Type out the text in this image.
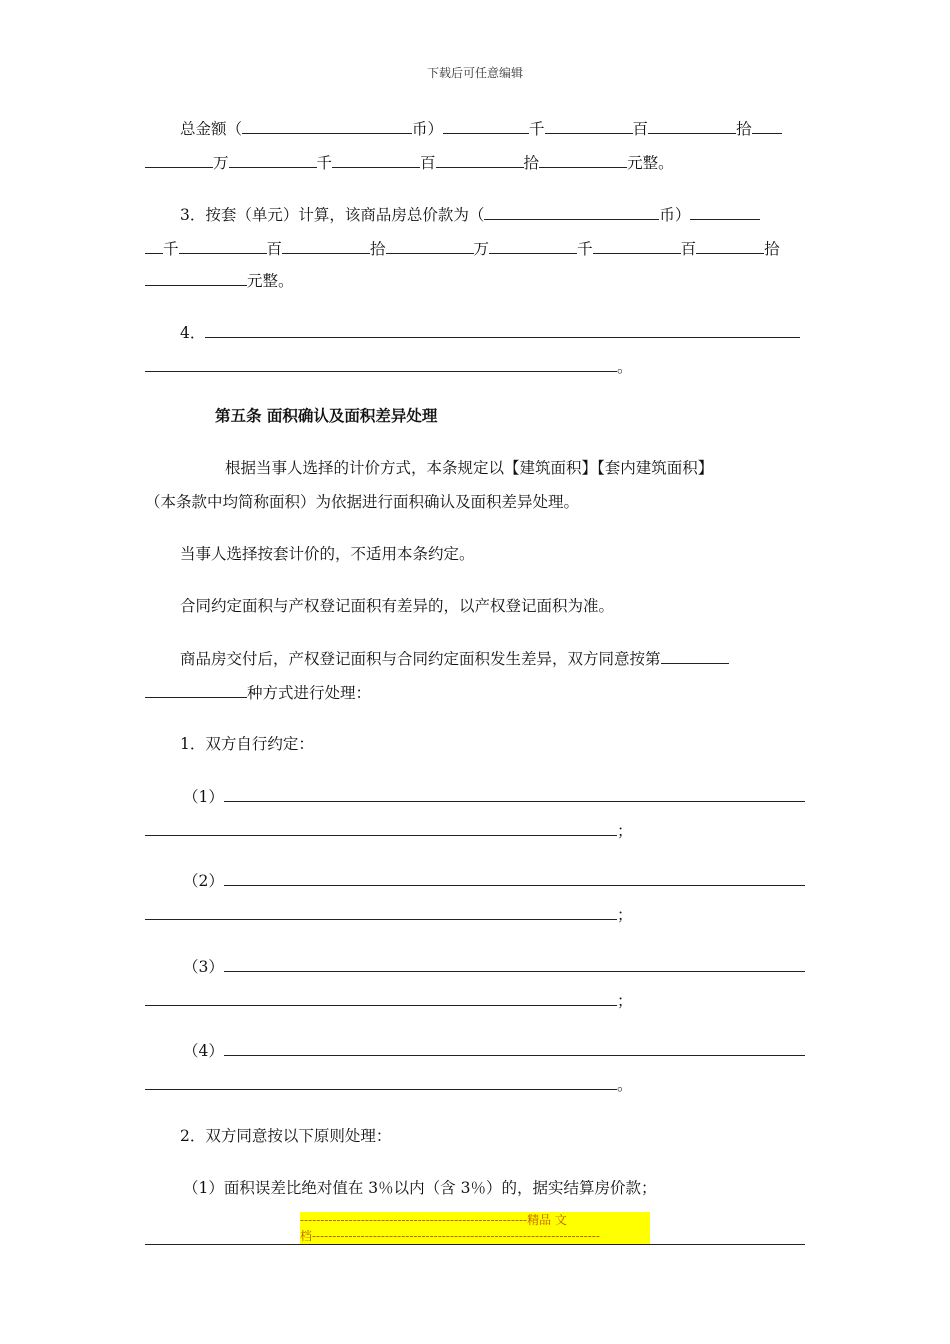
下载后可任意编辑
总金额（	币）	千	百	拾
万	千	百	拾	元整。
3．按套（单元）计算，该商品房总价款为（	币）
千	百	拾	万	千	百	拾
元整。
4．
。
第五条 面积确认及面积差异处理
根据当事人选择的计价方式，本条规定以【建筑面积】【套内建筑面积】
（本条款中均简称面积）为依据进行面积确认及面积差异处理。
当事人选择按套计价的，不适用本条约定。
合同约定面积与产权登记面积有差异的，以产权登记面积为准。
商品房交付后，产权登记面积与合同约定面积发生差异，双方同意按第
种方式进行处理：
1．双方自行约定：
（1）
；
（2）
；
（3）
；
（4）
。
2．双方同意按以下原则处理：
（1）面积误差比绝对值在 3％以内（含 3％）的，据实结算房价款；
--------------------------------------------------------精品 文
档-----------------------------------------------------------------------
